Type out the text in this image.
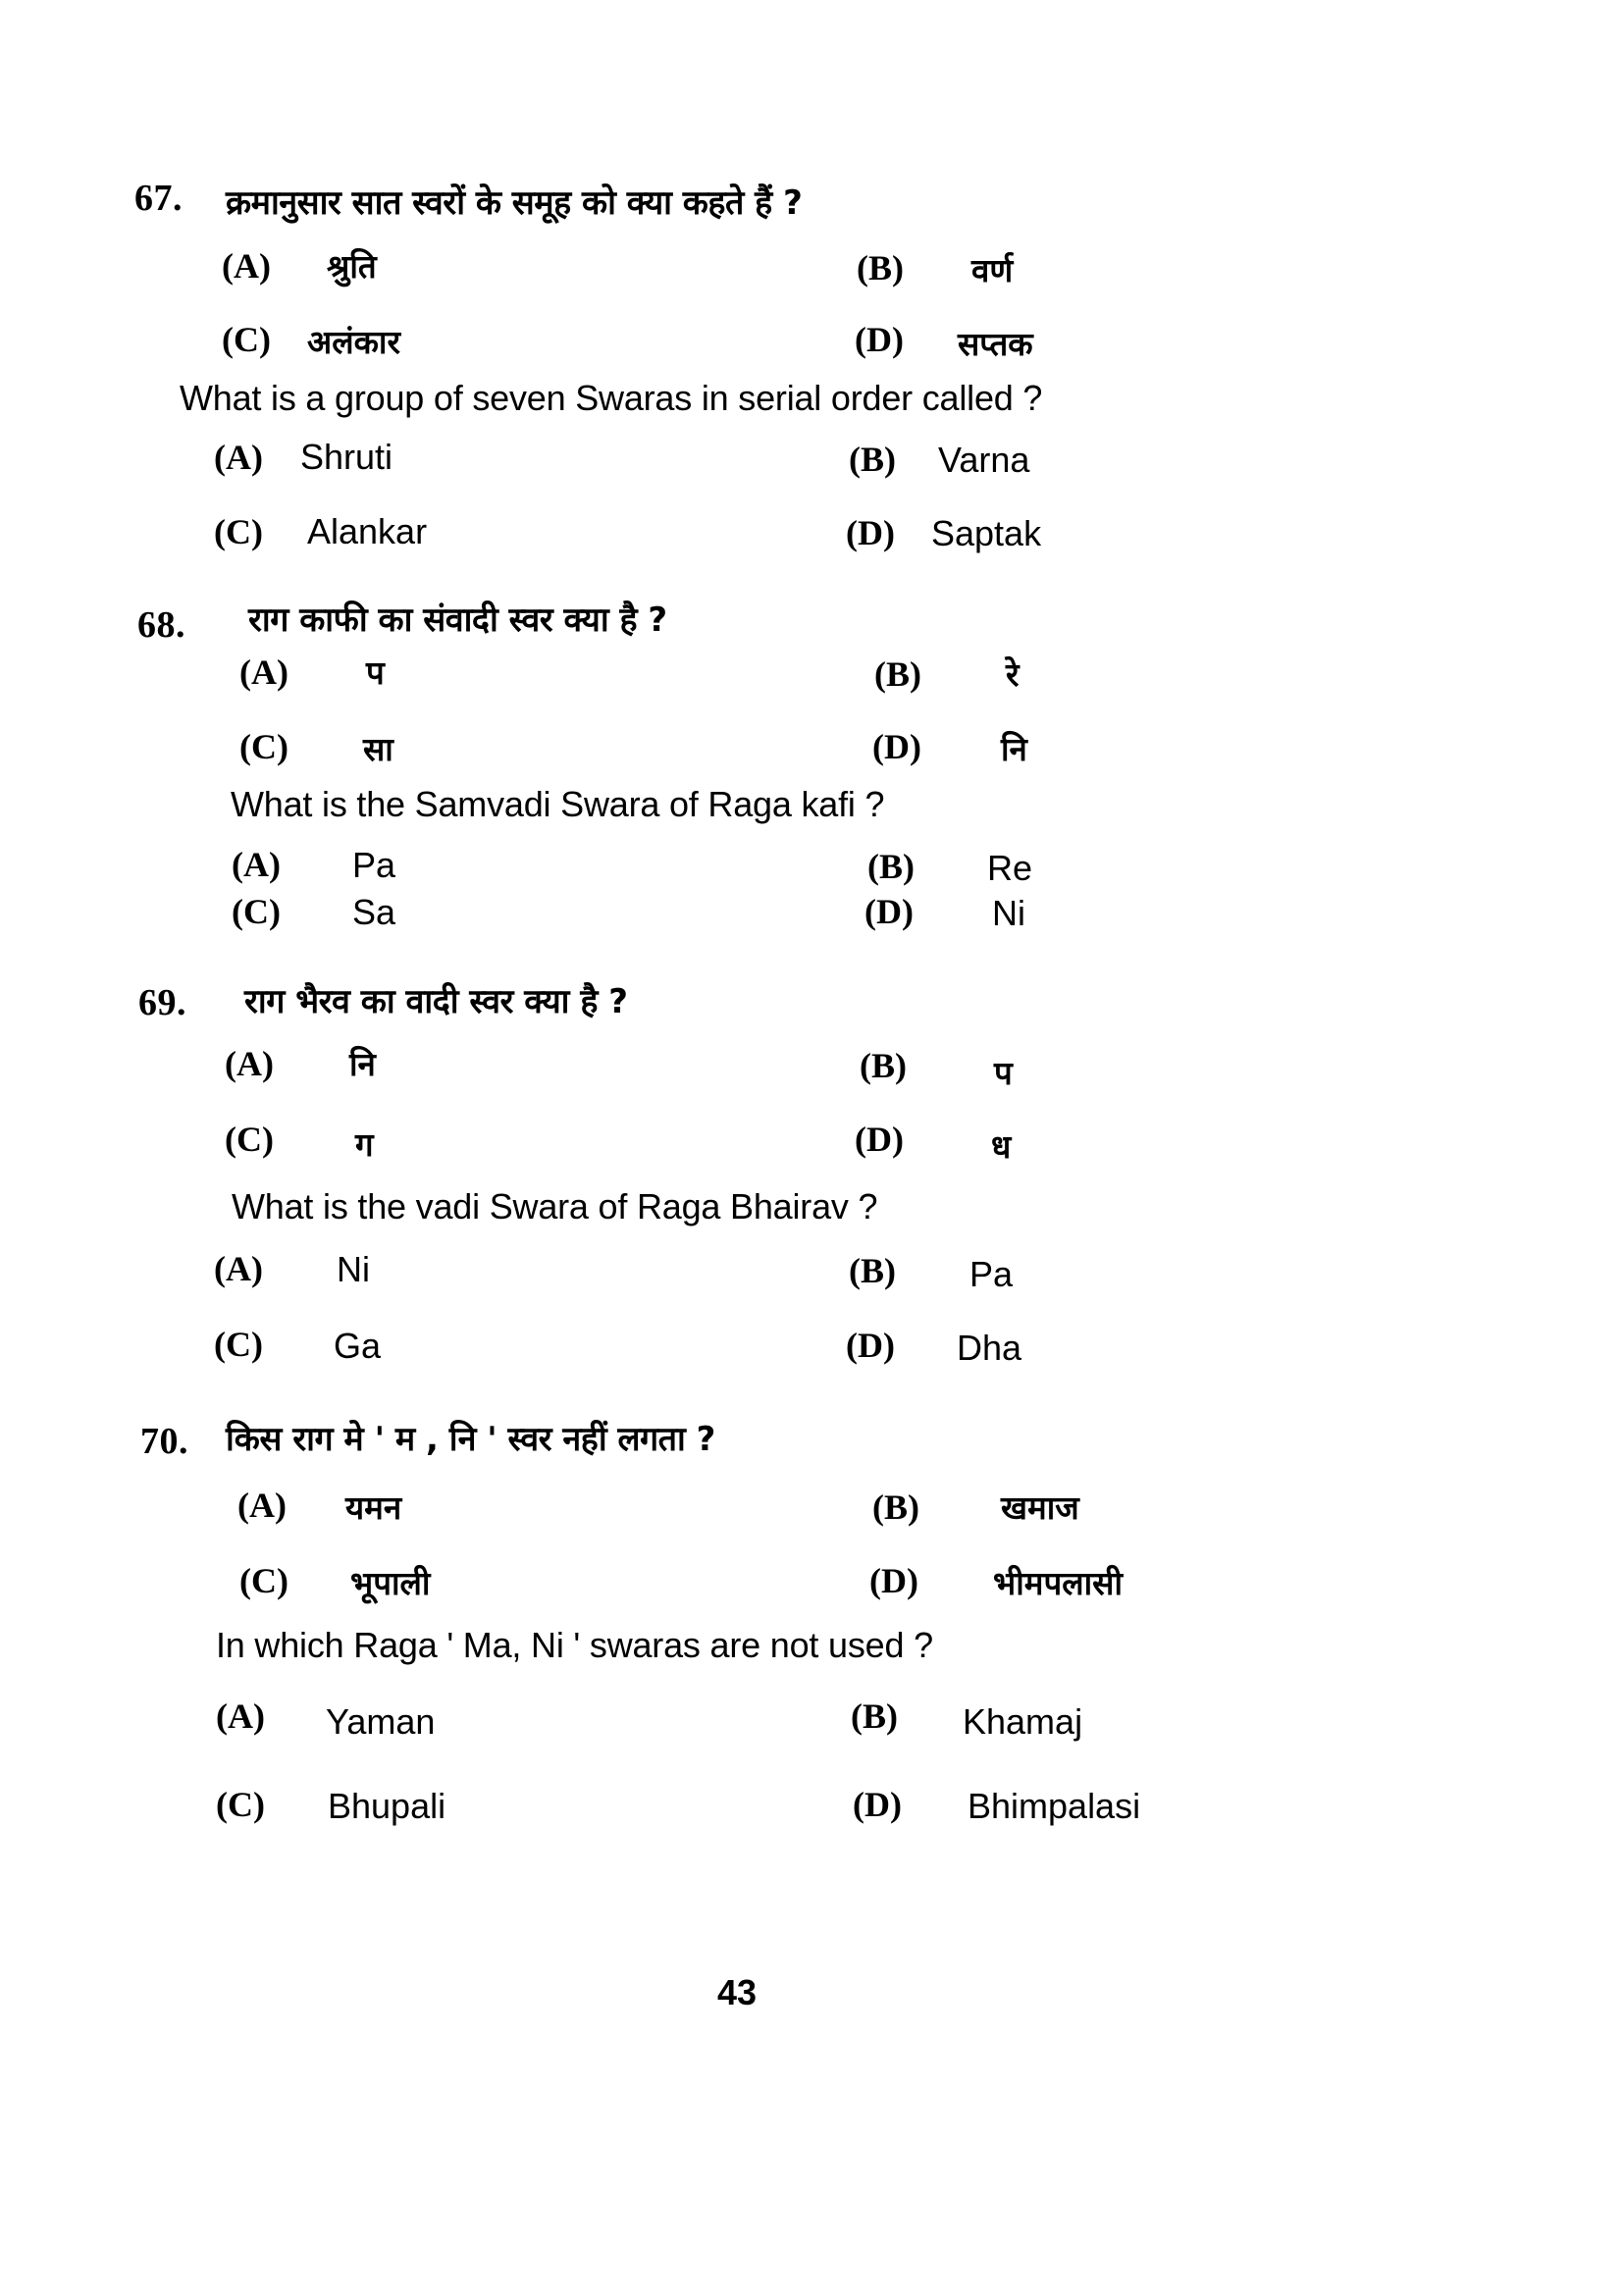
67. क्रमानुसार सात स्वरों के समूह को क्या कहते हैं ?
(A) श्रुति	(B) वर्ण
(C) अलंकार	(D) सप्तक
What is a group of seven Swaras in serial order called ?
(A) Shruti	(B) Varna
(C) Alankar	(D) Saptak
68. राग काफी का संवादी स्वर क्या है ?
(A) प	(B)	रे
(C) सा	(D) नि
What is the Samvadi Swara of Raga kafi ?
(A) Pa	(B) Re
(C) Sa	(D) Ni
69. राग भैरव का वादी स्वर क्या है ?
(A) नि	(B)	प
(C)	ग	(D)	ध
What is the vadi Swara of Raga Bhairav ?
(A) Ni	(B) Pa
(C) Ga	(D) Dha
70. किस राग मे ' म , नि ' स्वर नहीं लगता ?
(A) यमन	(B)	खमाज
(C) भूपाली	(D) भीमपलासी
In which Raga ' Ma, Ni ' swaras are not used ?
(A) Yaman	(B) Khamaj
(C) Bhupali	(D) Bhimpalasi
43
